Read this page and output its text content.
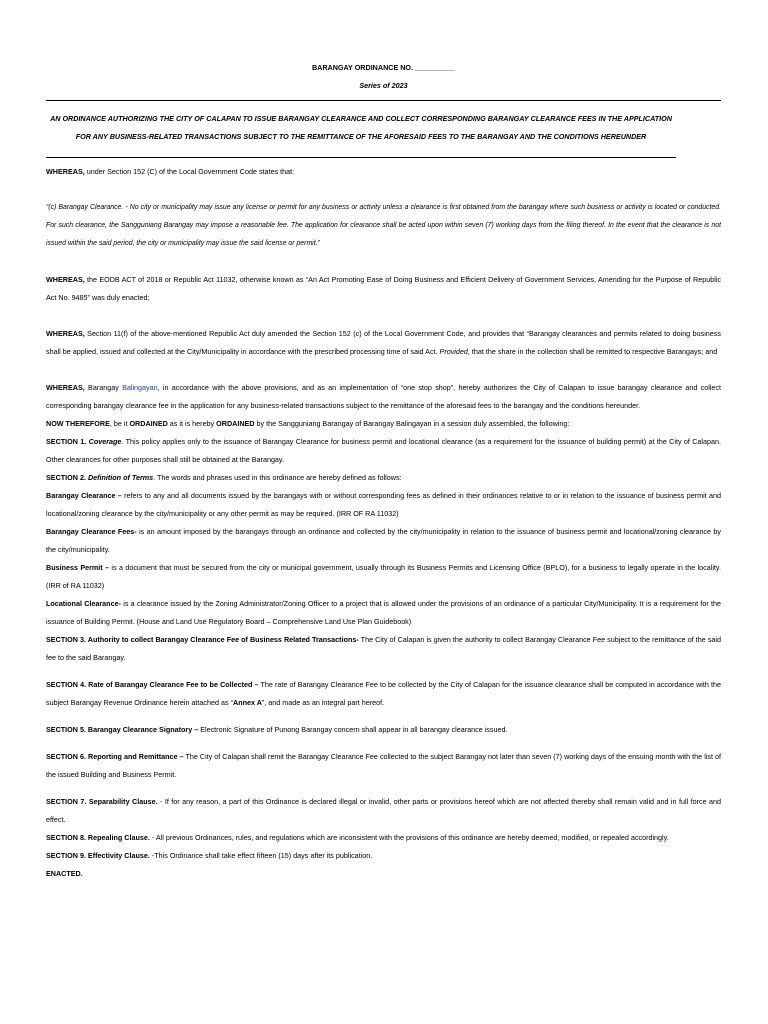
BARANGAY ORDINANCE NO. __________
Series of 2023
AN ORDINANCE AUTHORIZING THE CITY OF CALAPAN TO ISSUE BARANGAY CLEARANCE AND COLLECT CORRESPONDING BARANGAY CLEARANCE FEES IN THE APPLICATION FOR ANY BUSINESS-RELATED TRANSACTIONS SUBJECT TO THE REMITTANCE OF THE AFORESAID FEES TO THE BARANGAY AND THE CONDITIONS HEREUNDER

WHEREAS, under Section 152 (C) of the Local Government Code states that:

“(c) Barangay Clearance. - No city or municipality may issue any license or permit for any business or activity unless a clearance is first obtained from the barangay where such business or activity is located or conducted. For such clearance, the Sangguniang Barangay may impose a reasonable fee. The application for clearance shall be acted upon within seven (7) working days from the filing thereof. In the event that the clearance is not issued within the said period, the city or municipality may issue the said license or permit.”

WHEREAS, the EODB ACT of 2018 or Republic Act 11032, otherwise known as “An Act Promoting Ease of Doing Business and Efficient Delivery of Government Services, Amending for the Purpose of Republic Act No. 9485” was duly enacted;

WHEREAS, Section 11(f) of the above-mentioned Republic Act duly amended the Section 152 (c) of the Local Government Code, and provides that “Barangay clearances and permits related to doing business shall be applied, issued and collected at the City/Municipality in accordance with the prescribed processing time of said Act. Provided, that the share in the collection shall be remitted to respective Barangays; and

WHEREAS, Barangay Balingayan, in accordance with the above provisions, and as an implementation of “one stop shop”, hereby authorizes the City of Calapan to issue barangay clearance and collect corresponding barangay clearance fee in the application for any business-related transactions subject to the remittance of the aforesaid fees to the barangay and the conditions hereunder.

NOW THEREFORE, be it ORDAINED as it is hereby ORDAINED by the Sangguniang Barangay of Barangay Balingayan in a session duly assembled, the following:

SECTION 1. Coverage. This policy applies only to the issuance of Barangay Clearance for business permit and locational clearance (as a requirement for the issuance of building permit) at the City of Calapan. Other clearances for other purposes shall still be obtained at the Barangay.

SECTION 2. Definition of Terms. The words and phrases used in this ordinance are hereby defined as follows:

Barangay Clearance – refers to any and all documents issued by the barangays with or without corresponding fees as defined in their ordinances relative to or in relation to the issuance of business permit and locational/zoning clearance by the city/municipality or any other permit as may be required. (IRR OF RA 11032)

Barangay Clearance Fees- is an amount imposed by the barangays through an ordinance and collected by the city/municipality in relation to the issuance of business permit and locational/zoning clearance by the city/municipality.

Business Permit – is a document that must be secured from the city or municipal government, usually through its Business Permits and Licensing Office (BPLO), for a business to legally operate in the locality. (IRR of RA 11032)

Locational Clearance- is a clearance issued by the Zoning Administrator/Zoning Officer to a project that is allowed under the provisions of an ordinance of a particular City/Municipality. It is a requirement for the issuance of Building Permit. (House and Land Use Regulatory Board – Comprehensive Land Use Plan Guidebook)

SECTION 3. Authority to collect Barangay Clearance Fee of Business Related Transactions- The City of Calapan is given the authority to collect Barangay Clearance Fee subject to the remittance of the said fee to the said Barangay.

SECTION 4. Rate of Barangay Clearance Fee to be Collected – The rate of Barangay Clearance Fee to be collected by the City of Calapan for the issuance clearance shall be computed in accordance with the subject Barangay Revenue Ordinance herein attached as “Annex A”, and made as an integral part hereof.

SECTION 5. Barangay Clearance Signatory – Electronic Signature of Punong Barangay concern shall appear in all barangay clearance issued.

SECTION 6. Reporting and Remittance – The City of Calapan shall remit the Barangay Clearance Fee collected to the subject Barangay not later than seven (7) working days of the ensuing month with the list of the issued Building and Business Permit.

SECTION 7. Separability Clause. - If for any reason, a part of this Ordinance is declared illegal or invalid, other parts or provisions hereof which are not affected thereby shall remain valid and in full force and effect.

SECTION 8. Repealing Clause. - All previous Ordinances, rules, and regulations which are inconsistent with the provisions of this ordinance are hereby deemed, modified, or repealed accordingly.

SECTION 9. Effectivity Clause. -This Ordinance shall take effect fifteen (15) days after its publication.

ENACTED.
